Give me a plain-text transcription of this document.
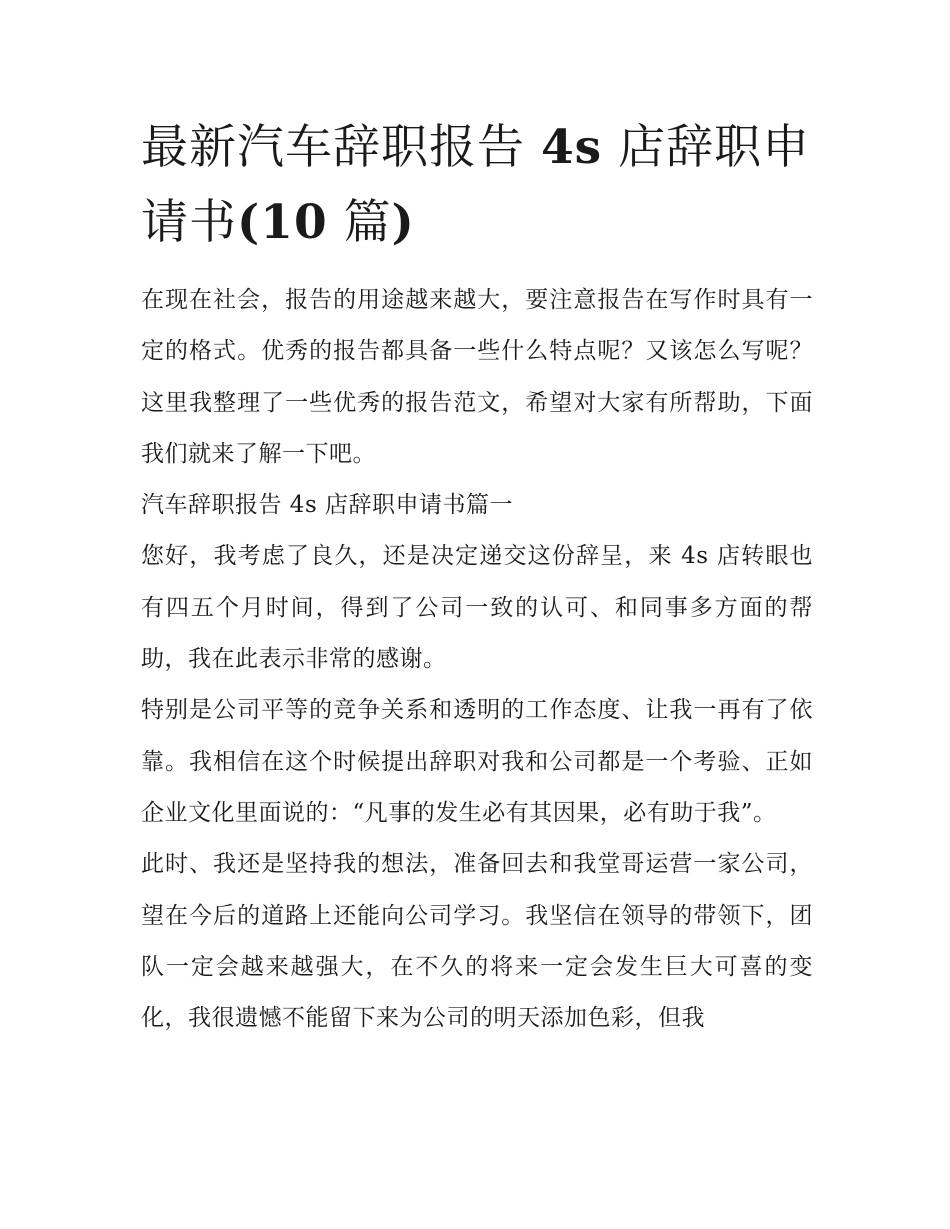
最新汽车辞职报告 4s 店辞职申请书(10 篇)

在现在社会，报告的用途越来越大，要注意报告在写作时具有一定的格式。优秀的报告都具备一些什么特点呢？又该怎么写呢？这里我整理了一些优秀的报告范文，希望对大家有所帮助，下面我们就来了解一下吧。

汽车辞职报告 4s 店辞职申请书篇一

您好，我考虑了良久，还是决定递交这份辞呈，来 4s 店转眼也有四五个月时间，得到了公司一致的认可、和同事多方面的帮助，我在此表示非常的感谢。

特别是公司平等的竞争关系和透明的工作态度、让我一再有了依靠。我相信在这个时候提出辞职对我和公司都是一个考验、正如企业文化里面说的：“凡事的发生必有其因果，必有助于我”。

此时、我还是坚持我的想法，准备回去和我堂哥运营一家公司，望在今后的道路上还能向公司学习。我坚信在领导的带领下，团队一定会越来越强大，在不久的将来一定会发生巨大可喜的变化，我很遗憾不能留下来为公司的明天添加色彩，但我
